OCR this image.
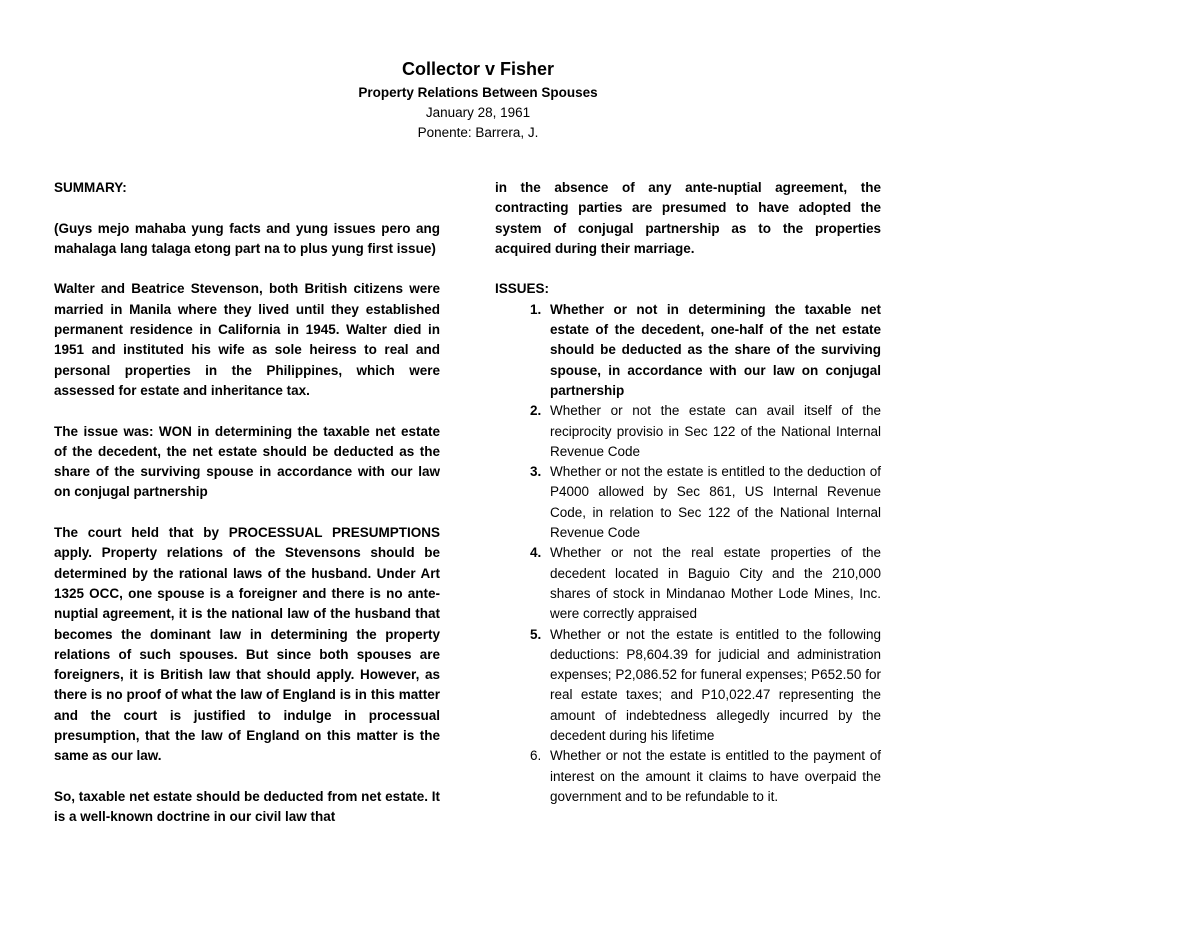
Collector v Fisher
Property Relations Between Spouses
January 28, 1961
Ponente: Barrera, J.

SUMMARY:

(Guys mejo mahaba yung facts and yung issues pero ang mahalaga lang talaga etong part na to plus yung first issue)

Walter and Beatrice Stevenson, both British citizens were married in Manila where they lived until they established permanent residence in California in 1945. Walter died in 1951 and instituted his wife as sole heiress to real and personal properties in the Philippines, which were assessed for estate and inheritance tax.

The issue was: WON in determining the taxable net estate of the decedent, the net estate should be deducted as the share of the surviving spouse in accordance with our law on conjugal partnership

The court held that by PROCESSUAL PRESUMPTIONS apply. Property relations of the Stevensons should be determined by the rational laws of the husband. Under Art 1325 OCC, one spouse is a foreigner and there is no ante-nuptial agreement, it is the national law of the husband that becomes the dominant law in determining the property relations of such spouses. But since both spouses are foreigners, it is British law that should apply. However, as there is no proof of what the law of England is in this matter and the court is justified to indulge in processual presumption, that the law of England on this matter is the same as our law.

So, taxable net estate should be deducted from net estate. It is a well-known doctrine in our civil law that

in the absence of any ante-nuptial agreement, the contracting parties are presumed to have adopted the system of conjugal partnership as to the properties acquired during their marriage.

ISSUES:

1. Whether or not in determining the taxable net estate of the decedent, one-half of the net estate should be deducted as the share of the surviving spouse, in accordance with our law on conjugal partnership
2. Whether or not the estate can avail itself of the reciprocity provisio in Sec 122 of the National Internal Revenue Code
3. Whether or not the estate is entitled to the deduction of P4000 allowed by Sec 861, US Internal Revenue Code, in relation to Sec 122 of the National Internal Revenue Code
4. Whether or not the real estate properties of the decedent located in Baguio City and the 210,000 shares of stock in Mindanao Mother Lode Mines, Inc. were correctly appraised
5. Whether or not the estate is entitled to the following deductions: P8,604.39 for judicial and administration expenses; P2,086.52 for funeral expenses; P652.50 for real estate taxes; and P10,022.47 representing the amount of indebtedness allegedly incurred by the decedent during his lifetime
6. Whether or not the estate is entitled to the payment of interest on the amount it claims to have overpaid the government and to be refundable to it.
